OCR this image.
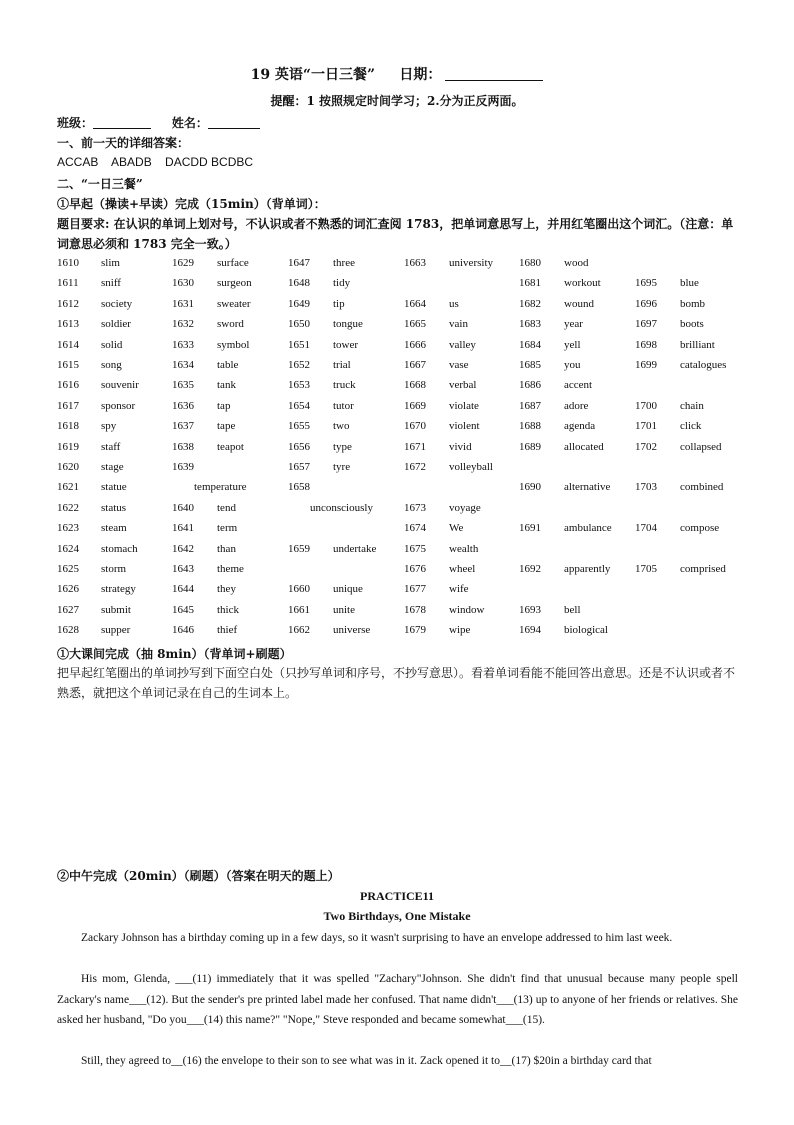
19 英语“一日三餐” 日期：
提醒：1 按照规定时间学习；2.分为正反两面。
班级：	姓名：
一、前一天的详细答案：
ACCAB    ABADB    DACDD BCDBC
二、“一日三餐”
①早起（操读+早读）完成（15min）（背单词）：
题目要求: 在认识的单词上划对号，不认识或者不熟悉的词汇查阅 1783，把单词意思写上，并用红笔圈出这个词汇。（注意：单词意思必须和 1783 完全一致。）
1610 slim
1611 sniff
1612 society
1613 soldier
1614 solid
1615 song
1616 souvenir
1617 sponsor
1618 spy
1619 staff
1620 stage
1621 statue
1622 status
1623 steam
1624 stomach
1625 storm
1626 strategy
1627 submit
1628 supper
1629 surface
1630 surgeon
1631 sweater
1632 sword
1633 symbol
1634 table
1635 tank
1636 tap
1637 tape
1638 teapot
1639
temperature
1640 tend
1641 term
1642 than
1643 theme
1644 they
1645 thick
1646 thief
1647 three
1648 tidy
1649 tip
1650 tongue
1651 tower
1652 trial
1653 truck
1654 tutor
1655 two
1656 type
1657 tyre
1658
unconsciously
1659 undertake
1660 unique
1661 unite
1662 universe
1663 university
1664 us
1665 vain
1666 valley
1667 vase
1668 verbal
1669 violate
1670 violent
1671 vivid
1672 volleyball
1673 voyage
1674 We
1675 wealth
1676 wheel
1677 wife
1678 window
1679 wipe
1680 wood
1681 workout
1682 wound
1683 year
1684 yell
1685 you
1686 accent
1687 adore
1688 agenda
1689 allocated
1690 alternative
1691 ambulance
1692 apparently
1693 bell
1694 biological
1695 blue
1696 bomb
1697 boots
1698 brilliant
1699 catalogues
1700 chain
1701 click
1702 collapsed
1703 combined
1704 compose
1705 comprised
①大课间完成（抽 8min）（背单词+刷题）
把早起红笔圈出的单词抄写到下面空白处（只抄写单词和序号，不抄写意思）。看着单词看能不能回答出意思。还是不认识或者不熟悉，就把这个单词记录在自己的生词本上。
②中午完成（20min）（刷题）（答案在明天的题上）
PRACTICE11
Two Birthdays, One Mistake
Zackary Johnson has a birthday coming up in a few days, so it wasn't surprising to have an envelope addressed to him last week.
His mom, Glenda, ___(11) immediately that it was spelled "Zachary"Johnson. She didn't find that unusual because many people spell Zackary's name___(12). But the sender's pre printed label made her confused. That name didn't___(13) up to anyone of her friends or relatives. She asked her husband, "Do you___(14) this name?" "Nope," Steve responded and became somewhat___(15).
Still, they agreed to__(16) the envelope to their son to see what was in it. Zack opened it to__(17) $20in a birthday card that
